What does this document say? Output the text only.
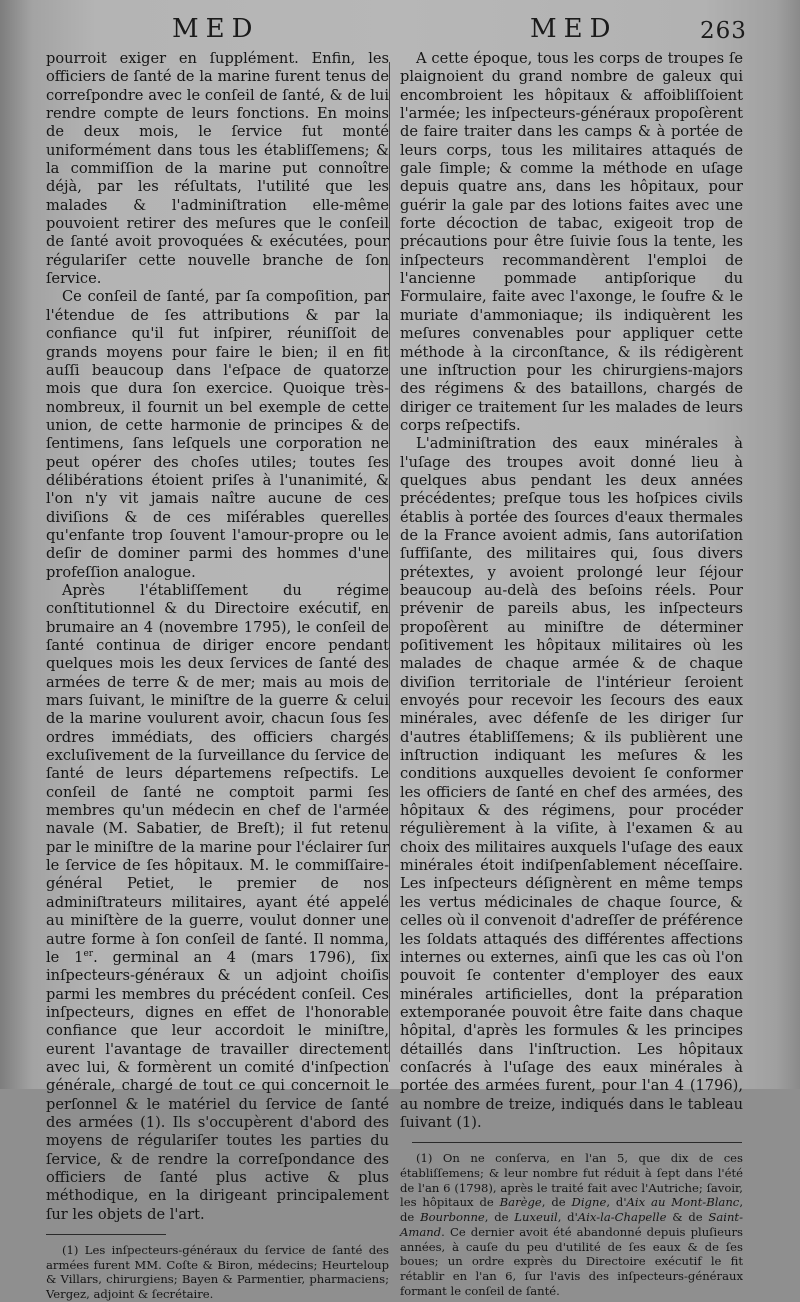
MED	MED	263

pourroit exiger en ſupplément. Enfin, les officiers de ſanté de la marine furent tenus de correſpondre avec le conſeil de ſanté, & de lui rendre compte de leurs fonctions. En moins de deux mois, le ſervice fut monté uniformément dans tous les établiſſemens; & la commiſſion de la marine put connoître déjà, par les réſultats, l'utilité que les malades & l'adminiſtration elle-même pouvoient retirer des meſures que le conſeil de ſanté avoit provoquées & exécutées, pour régulariſer cette nouvelle branche de ſon ſervice.

Ce conſeil de ſanté, par ſa compoſition, par l'étendue de ſes attributions & par la confiance qu'il fut inſpirer, réuniſſoit de grands moyens pour faire le bien; il en fit auſſi beaucoup dans l'eſpace de quatorze mois que dura ſon exercice. Quoique très-nombreux, il fournit un bel exemple de cette union, de cette harmonie de principes & de ſentimens, ſans leſquels une corporation ne peut opérer des choſes utiles; toutes ſes délibérations étoient priſes à l'unanimité, & l'on n'y vit jamais naître aucune de ces diviſions & de ces miſérables querelles qu'enfante trop ſouvent l'amour-propre ou le deſir de dominer parmi des hommes d'une profeſſion analogue.

Après l'établiſſement du régime conſtitutionnel & du Directoire exécutif, en brumaire an 4 (novembre 1795), le conſeil de ſanté continua de diriger encore pendant quelques mois les deux ſervices de ſanté des armées de terre & de mer; mais au mois de mars ſuivant, le miniſtre de la guerre & celui de la marine voulurent avoir, chacun ſous ſes ordres immédiats, des officiers chargés excluſivement de la ſurveillance du ſervice de ſanté de leurs départemens reſpectifs. Le conſeil de ſanté ne comptoit parmi ſes membres qu'un médecin en chef de l'armée navale (M. Sabatier, de Breſt); il fut retenu par le miniſtre de la marine pour l'éclairer ſur le ſervice de ſes hôpitaux. M. le commiſſaire-général Petiet, le premier de nos adminiſtrateurs militaires, ayant été appelé au miniſtère de la guerre, voulut donner une autre forme à ſon conſeil de ſanté. Il nomma, le 1er. germinal an 4 (mars 1796), ſix inſpecteurs-généraux & un adjoint choiſis parmi les membres du précédent conſeil. Ces inſpecteurs, dignes en effet de l'honorable confiance que leur accordoit le miniſtre, eurent l'avantage de travailler directement avec lui, & formèrent un comité d'inſpection générale, chargé de tout ce qui concernoit le perſonnel & le matériel du ſervice de ſanté des armées (1). Ils s'occupèrent d'abord des moyens de régulariſer toutes les parties du ſervice, & de rendre la correſpondance des officiers de ſanté plus active & plus méthodique, en la dirigeant principalement ſur les objets de l'art.

(1) Les inſpecteurs-généraux du ſervice de ſanté des armées furent MM. Coſte & Biron, médecins; Heurteloup & Villars, chirurgiens; Bayen & Parmentier, pharmaciens; Vergez, adjoint & ſecrétaire.

A cette époque, tous les corps de troupes ſe plaignoient du grand nombre de galeux qui encombroient les hôpitaux & affoibliſſoient l'armée; les inſpecteurs-généraux propoſèrent de faire traiter dans les camps & à portée de leurs corps, tous les militaires attaqués de gale ſimple; & comme la méthode en uſage depuis quatre ans, dans les hôpitaux, pour guérir la gale par des lotions faites avec une forte décoction de tabac, exigeoit trop de précautions pour être ſuivie ſous la tente, les inſpecteurs recommandèrent l'emploi de l'ancienne pommade antipſorique du Formulaire, faite avec l'axonge, le ſoufre & le muriate d'ammoniaque; ils indiquèrent les meſures convenables pour appliquer cette méthode à la circonſtance, & ils rédigèrent une inſtruction pour les chirurgiens-majors des régimens & des bataillons, chargés de diriger ce traitement ſur les malades de leurs corps reſpectifs.

L'adminiſtration des eaux minérales à l'uſage des troupes avoit donné lieu à quelques abus pendant les deux années précédentes; preſque tous les hoſpices civils établis à portée des ſources d'eaux thermales de la France avoient admis, ſans autoriſation ſuffiſante, des militaires qui, ſous divers prétextes, y avoient prolongé leur ſéjour beaucoup au-delà des beſoins réels. Pour prévenir de pareils abus, les inſpecteurs propoſèrent au miniſtre de déterminer poſitivement les hôpitaux militaires où les malades de chaque armée & de chaque diviſion territoriale de l'intérieur ſeroient envoyés pour recevoir les ſecours des eaux minérales, avec défenſe de les diriger ſur d'autres établiſſemens; & ils publièrent une inſtruction indiquant les meſures & les conditions auxquelles devoient ſe conformer les officiers de ſanté en chef des armées, des hôpitaux & des régimens, pour procéder régulièrement à la viſite, à l'examen & au choix des militaires auxquels l'uſage des eaux minérales étoit indiſpenſablement néceſſaire. Les inſpecteurs déſignèrent en même temps les vertus médicinales de chaque ſource, & celles où il convenoit d'adreſſer de préférence les ſoldats attaqués des différentes affections internes ou externes, ainſi que les cas où l'on pouvoit ſe contenter d'employer des eaux minérales artificielles, dont la préparation extemporanée pouvoit être faite dans chaque hôpital, d'après les formules & les principes détaillés dans l'inſtruction. Les hôpitaux conſacrés à l'uſage des eaux minérales à portée des armées furent, pour l'an 4 (1796), au nombre de treize, indiqués dans le tableau ſuivant (1).

(1) On ne conſerva, en l'an 5, que dix de ces établiſſemens; & leur nombre fut réduit à ſept dans l'été de l'an 6 (1798), après le traité fait avec l'Autriche; ſavoir, les hôpitaux de Barège, de Digne, d'Aix au Mont-Blanc, de Bourbonne, de Luxeuil, d'Aix-la-Chapelle & de Saint-Amand. Ce dernier avoit été abandonné depuis pluſieurs années, à cauſe du peu d'utilité de ſes eaux & de ſes boues; un ordre exprès du Directoire exécutif le fit rétablir en l'an 6, ſur l'avis des inſpecteurs-généraux formant le conſeil de ſanté.
